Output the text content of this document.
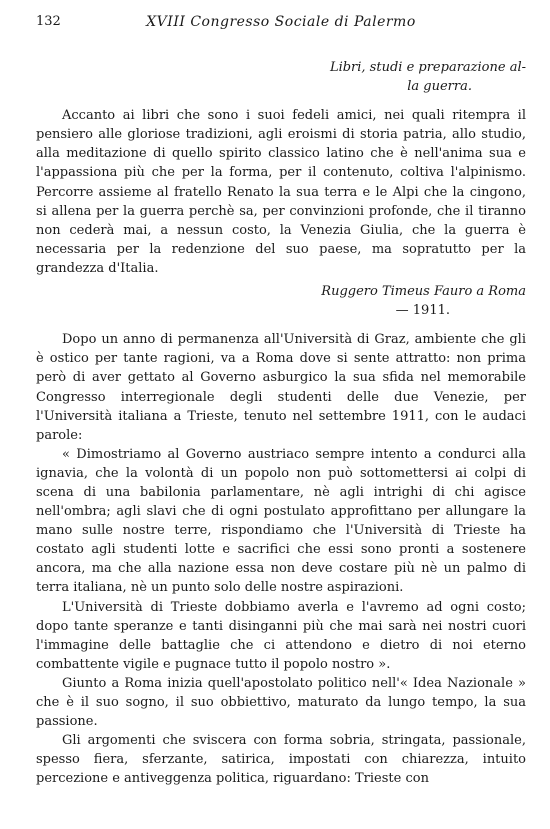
132	XVIII Congresso Sociale di Palermo

Libri, studi e preparazione al-

la guerra.

Accanto ai libri che sono i suoi fedeli amici, nei quali ritempra il pensiero alle gloriose tradizioni, agli eroismi di storia patria, allo studio, alla meditazione di quello spirito classico latino che è nell'anima sua e l'appassiona più che per la forma, per il contenuto, coltiva l'alpinismo. Percorre assieme al fratello Renato la sua terra e le Alpi che la cingono, si allena per la guerra perchè sa, per convinzioni profonde, che il tiranno non cederà mai, a nessun costo, la Venezia Giulia, che la guerra è necessaria per la redenzione del suo paese, ma sopratutto per la grandezza d'Italia.

Ruggero Timeus Fauro a Roma

— 1911.

Dopo un anno di permanenza all'Università di Graz, ambiente che gli è ostico per tante ragioni, va a Roma dove si sente attratto: non prima però di aver gettato al Governo asburgico la sua sfida nel memorabile Congresso interregionale degli studenti delle due Venezie, per l'Università italiana a Trieste, tenuto nel settembre 1911, con le audaci parole:

« Dimostriamo al Governo austriaco sempre intento a condurci alla ignavia, che la volontà di un popolo non può sottomettersi ai colpi di scena di una babilonia parlamentare, nè agli intrighi di chi agisce nell'ombra; agli slavi che di ogni postulato approfittano per allungare la mano sulle nostre terre, rispondiamo che l'Università di Trieste ha costato agli studenti lotte e sacrifici che essi sono pronti a sostenere ancora, ma che alla nazione essa non deve costare più nè un palmo di terra italiana, nè un punto solo delle nostre aspirazioni.

L'Università di Trieste dobbiamo averla e l'avremo ad ogni costo; dopo tante speranze e tanti disinganni più che mai sarà nei nostri cuori l'immagine delle battaglie che ci attendono e dietro di noi eterno combattente vigile e pugnace tutto il popolo nostro ».

Giunto a Roma inizia quell'apostolato politico nell'« Idea Nazionale » che è il suo sogno, il suo obbiettivo, maturato da lungo tempo, la sua passione.

Gli argomenti che sviscera con forma sobria, stringata, passionale, spesso fiera, sferzante, satirica, impostati con chiarezza, intuito percezione e antiveggenza politica, riguardano: Trieste con
